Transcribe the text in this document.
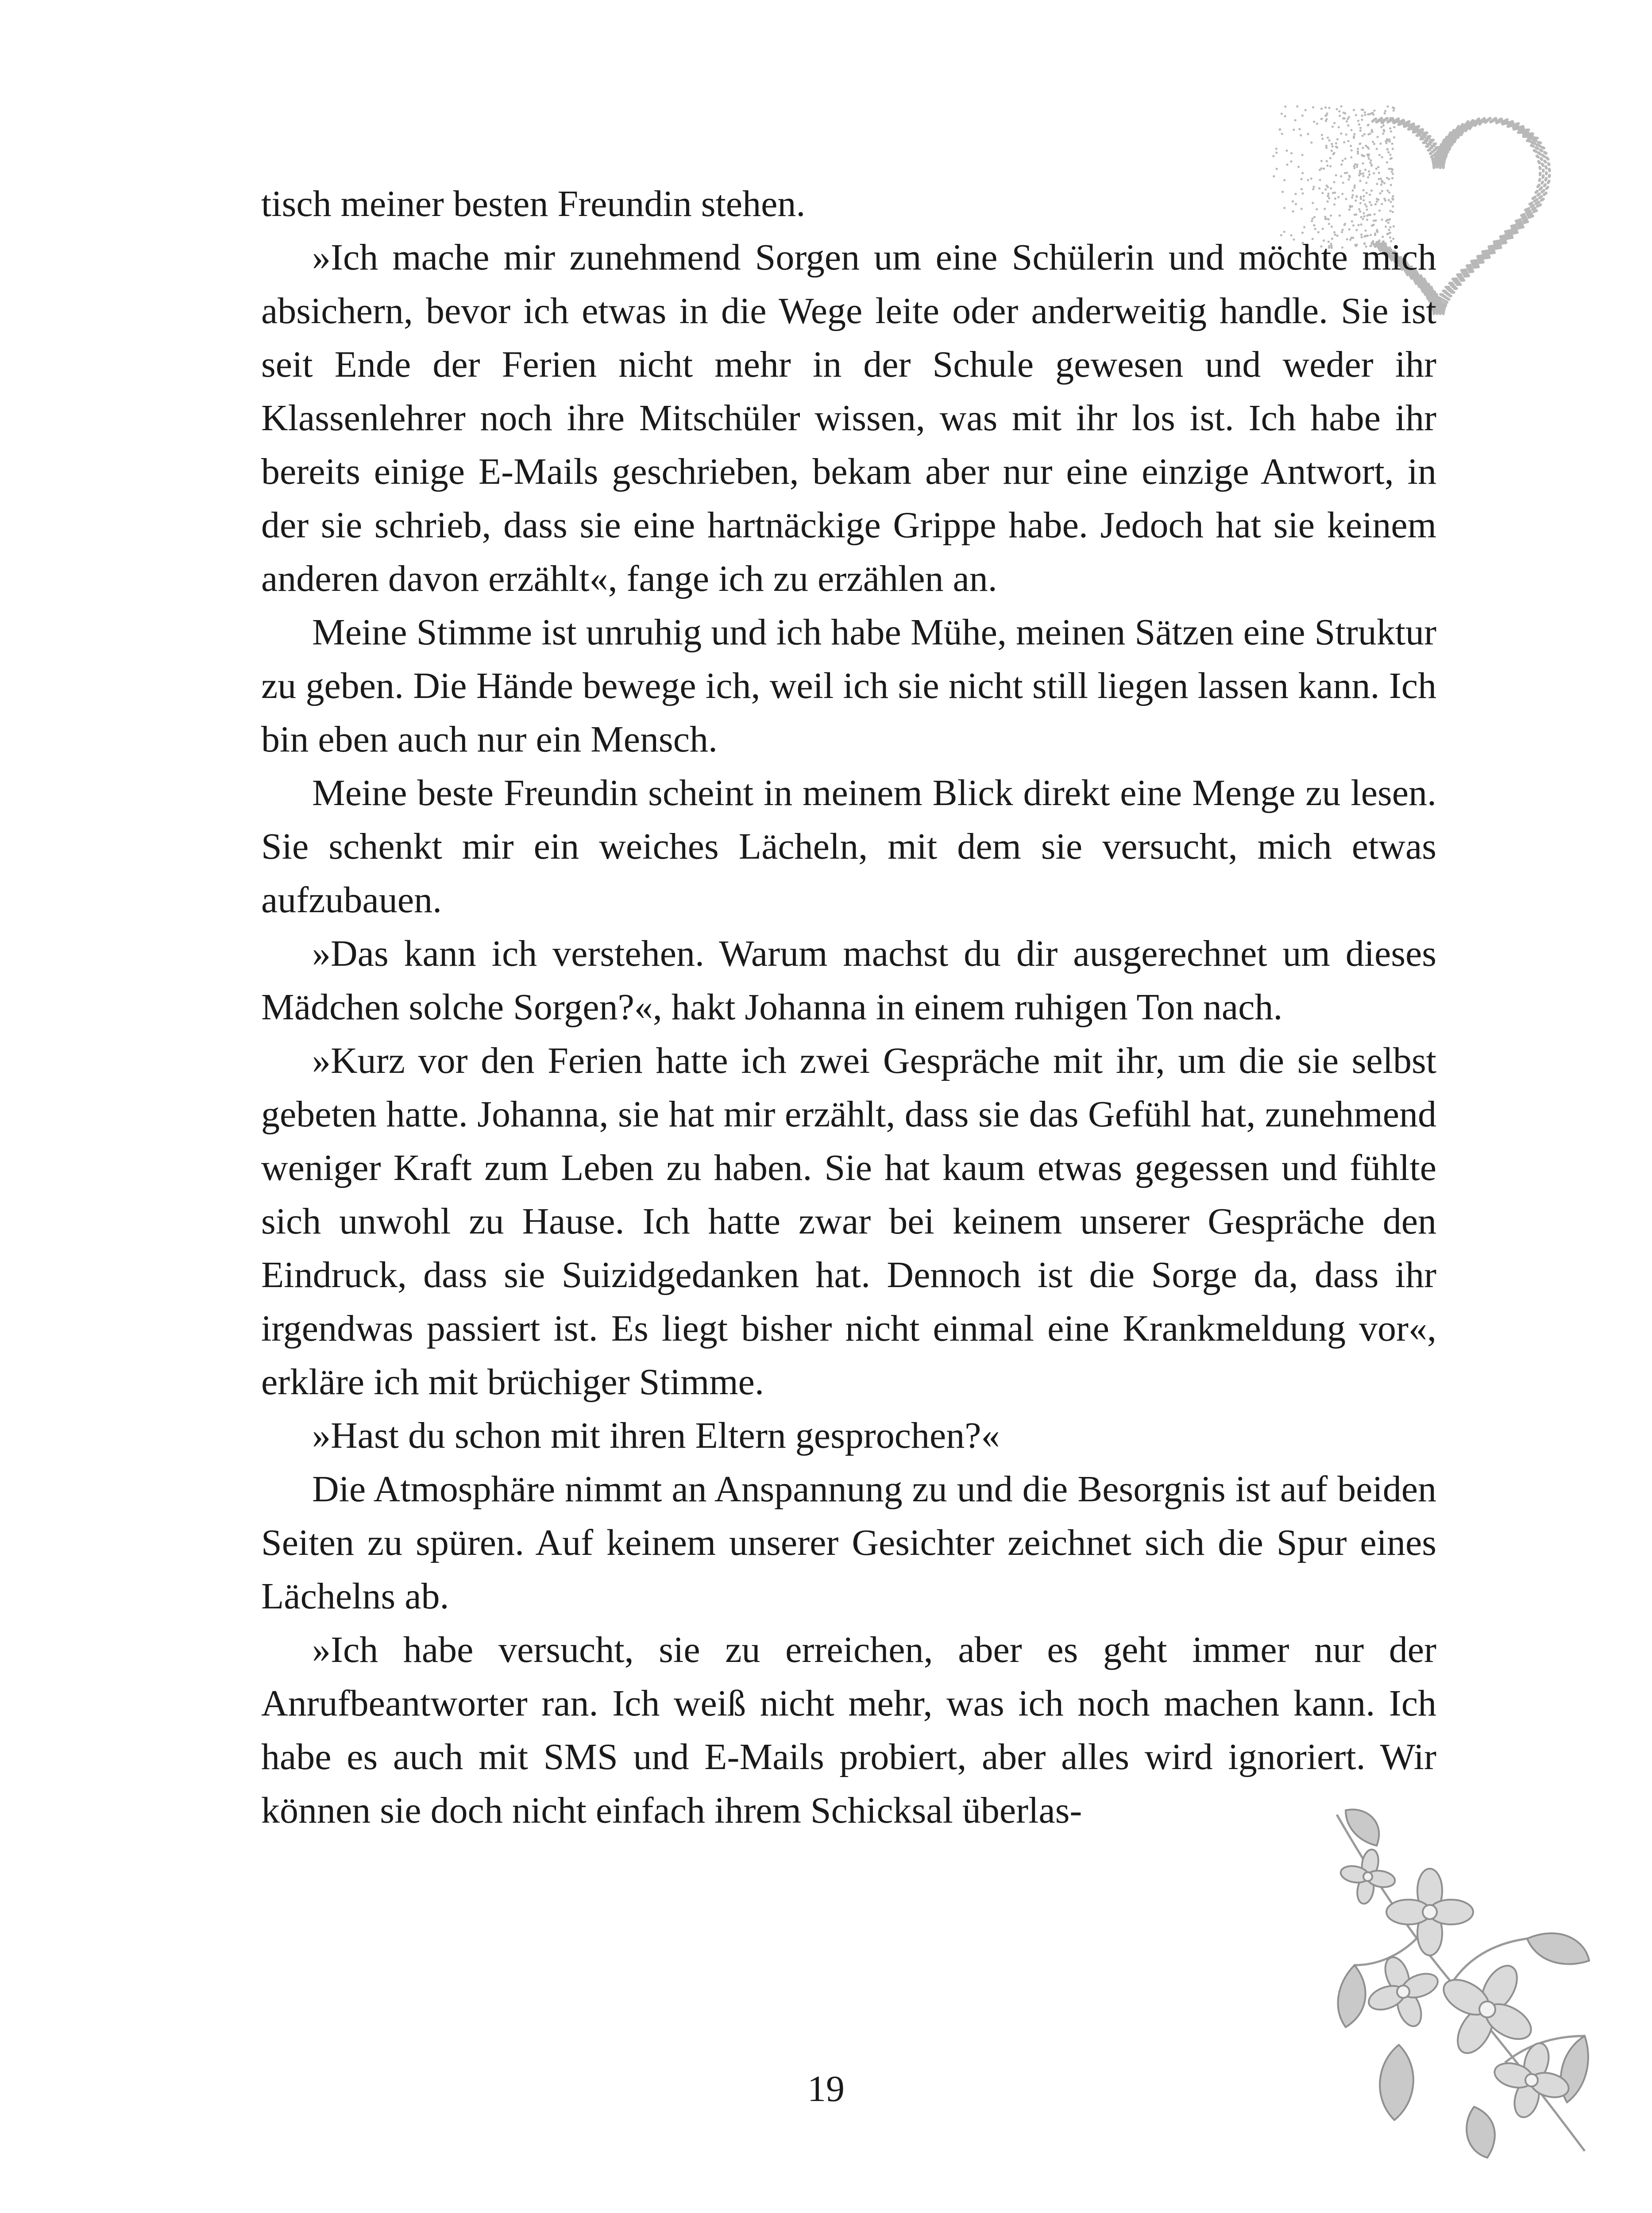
tisch meiner besten Freundin stehen.

»Ich mache mir zunehmend Sorgen um eine Schülerin und möchte mich absichern, bevor ich etwas in die Wege leite oder anderweitig handle. Sie ist seit Ende der Ferien nicht mehr in der Schule gewesen und weder ihr Klassenlehrer noch ihre Mitschüler wissen, was mit ihr los ist. Ich habe ihr bereits einige E-Mails geschrieben, bekam aber nur eine einzige Antwort, in der sie schrieb, dass sie eine hartnäckige Grippe habe. Jedoch hat sie keinem anderen davon erzählt«, fange ich zu erzählen an.

Meine Stimme ist unruhig und ich habe Mühe, meinen Sätzen eine Struktur zu geben. Die Hände bewege ich, weil ich sie nicht still liegen lassen kann. Ich bin eben auch nur ein Mensch.

Meine beste Freundin scheint in meinem Blick direkt eine Menge zu lesen. Sie schenkt mir ein weiches Lächeln, mit dem sie versucht, mich etwas aufzubauen.

»Das kann ich verstehen. Warum machst du dir ausgerechnet um dieses Mädchen solche Sorgen?«, hakt Johanna in einem ruhigen Ton nach.

»Kurz vor den Ferien hatte ich zwei Gespräche mit ihr, um die sie selbst gebeten hatte. Johanna, sie hat mir erzählt, dass sie das Gefühl hat, zunehmend weniger Kraft zum Leben zu haben. Sie hat kaum etwas gegessen und fühlte sich unwohl zu Hause. Ich hatte zwar bei keinem unserer Gespräche den Eindruck, dass sie Suizidgedanken hat. Dennoch ist die Sorge da, dass ihr irgendwas passiert ist. Es liegt bisher nicht einmal eine Krankmeldung vor«, erkläre ich mit brüchiger Stimme.

»Hast du schon mit ihren Eltern gesprochen?«

Die Atmosphäre nimmt an Anspannung zu und die Besorgnis ist auf beiden Seiten zu spüren. Auf keinem unserer Gesichter zeichnet sich die Spur eines Lächelns ab.

»Ich habe versucht, sie zu erreichen, aber es geht immer nur der Anrufbeantworter ran. Ich weiß nicht mehr, was ich noch machen kann. Ich habe es auch mit SMS und E-Mails probiert, aber alles wird ignoriert. Wir können sie doch nicht einfach ihrem Schicksal überlas-

19
